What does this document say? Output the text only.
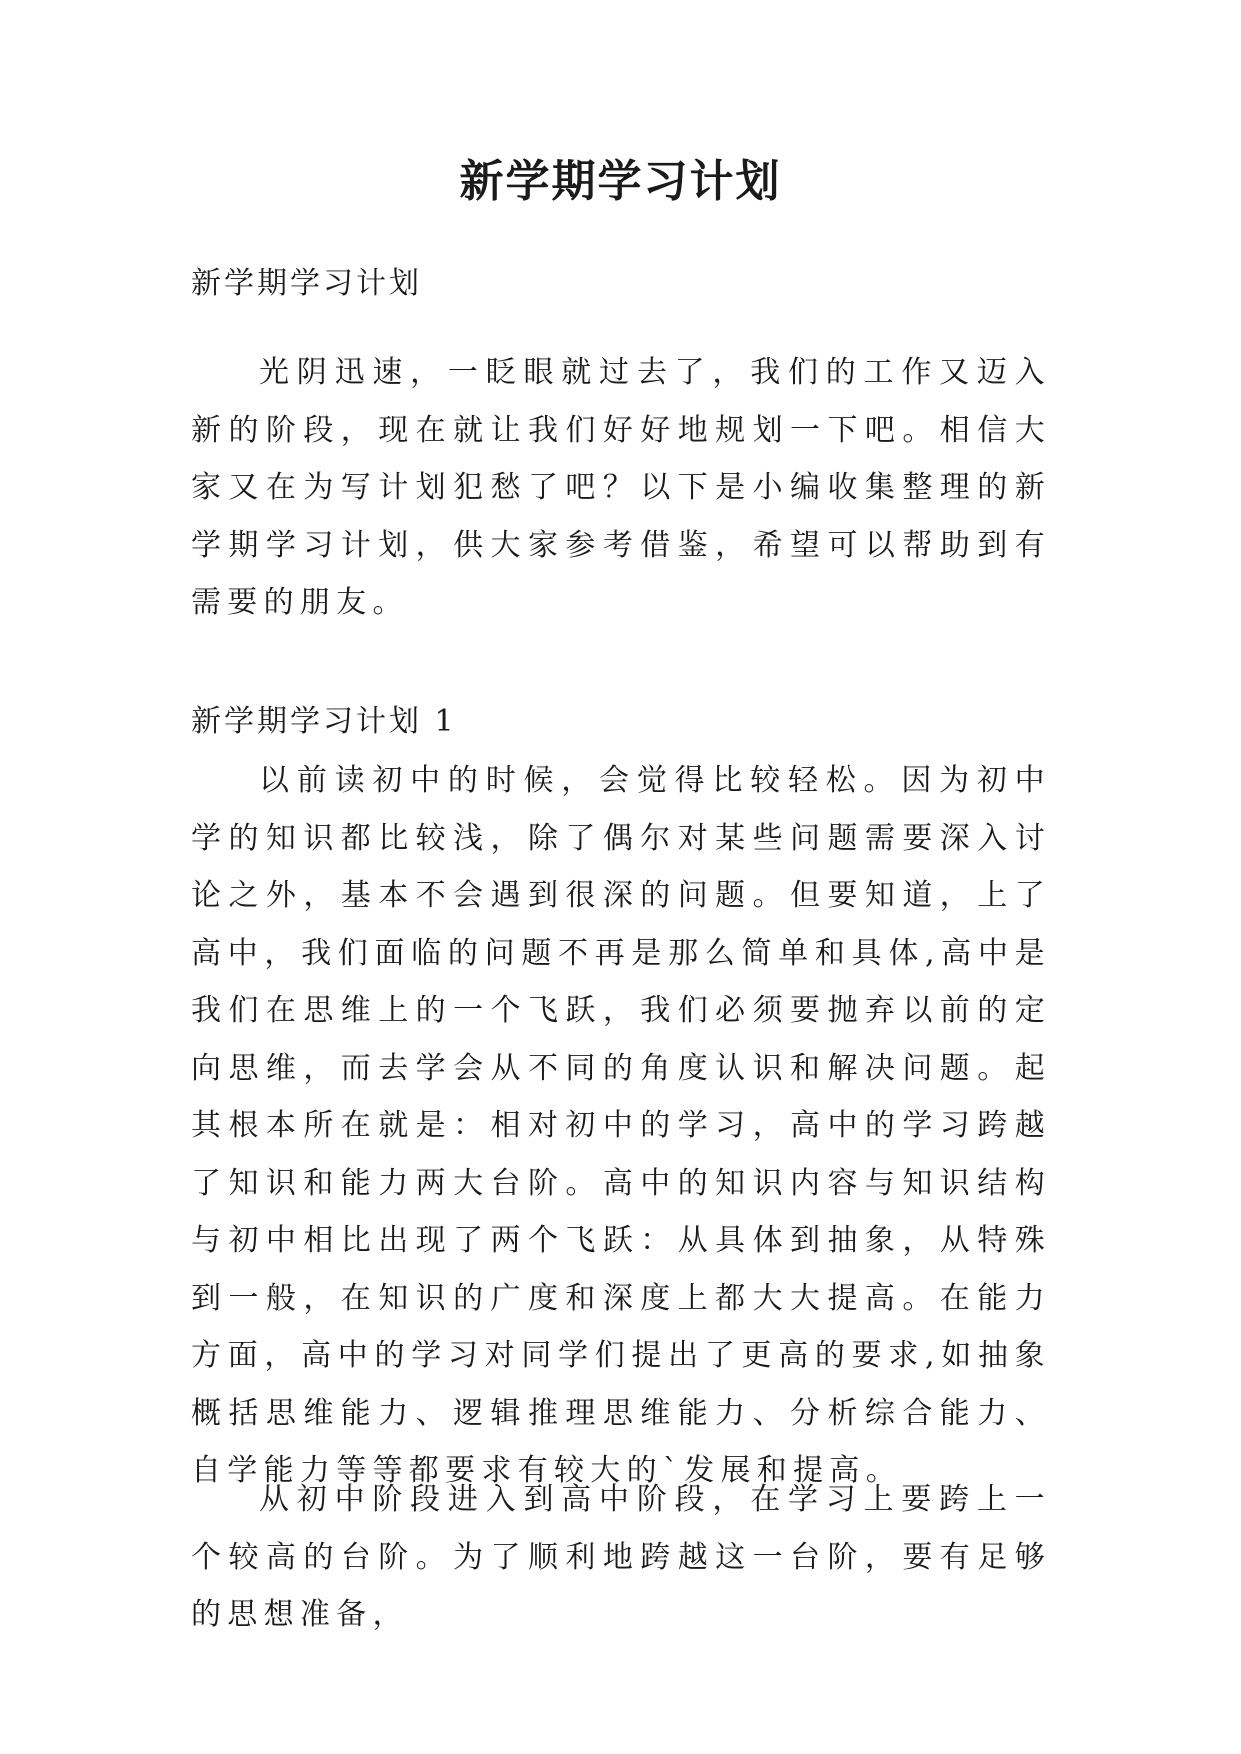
新学期学习计划
新学期学习计划

光阴迅速，一眨眼就过去了，我们的工作又迈入新的阶段，现在就让我们好好地规划一下吧。相信大家又在为写计划犯愁了吧？以下是小编收集整理的新学期学习计划，供大家参考借鉴，希望可以帮助到有需要的朋友。

新学期学习计划 1

以前读初中的时候，会觉得比较轻松。因为初中学的知识都比较浅，除了偶尔对某些问题需要深入讨论之外，基本不会遇到很深的问题。但要知道，上了高中，我们面临的问题不再是那么简单和具体,高中是我们在思维上的一个飞跃，我们必须要抛弃以前的定向思维，而去学会从不同的角度认识和解决问题。起其根本所在就是：相对初中的学习，高中的学习跨越了知识和能力两大台阶。高中的知识内容与知识结构与初中相比出现了两个飞跃：从具体到抽象，从特殊到一般，在知识的广度和深度上都大大提高。在能力方面，高中的学习对同学们提出了更高的要求,如抽象概括思维能力、逻辑推理思维能力、分析综合能力、自学能力等等都要求有较大的`发展和提高。

从初中阶段进入到高中阶段，在学习上要跨上一个较高的台阶。为了顺利地跨越这一台阶，要有足够的思想准备，
